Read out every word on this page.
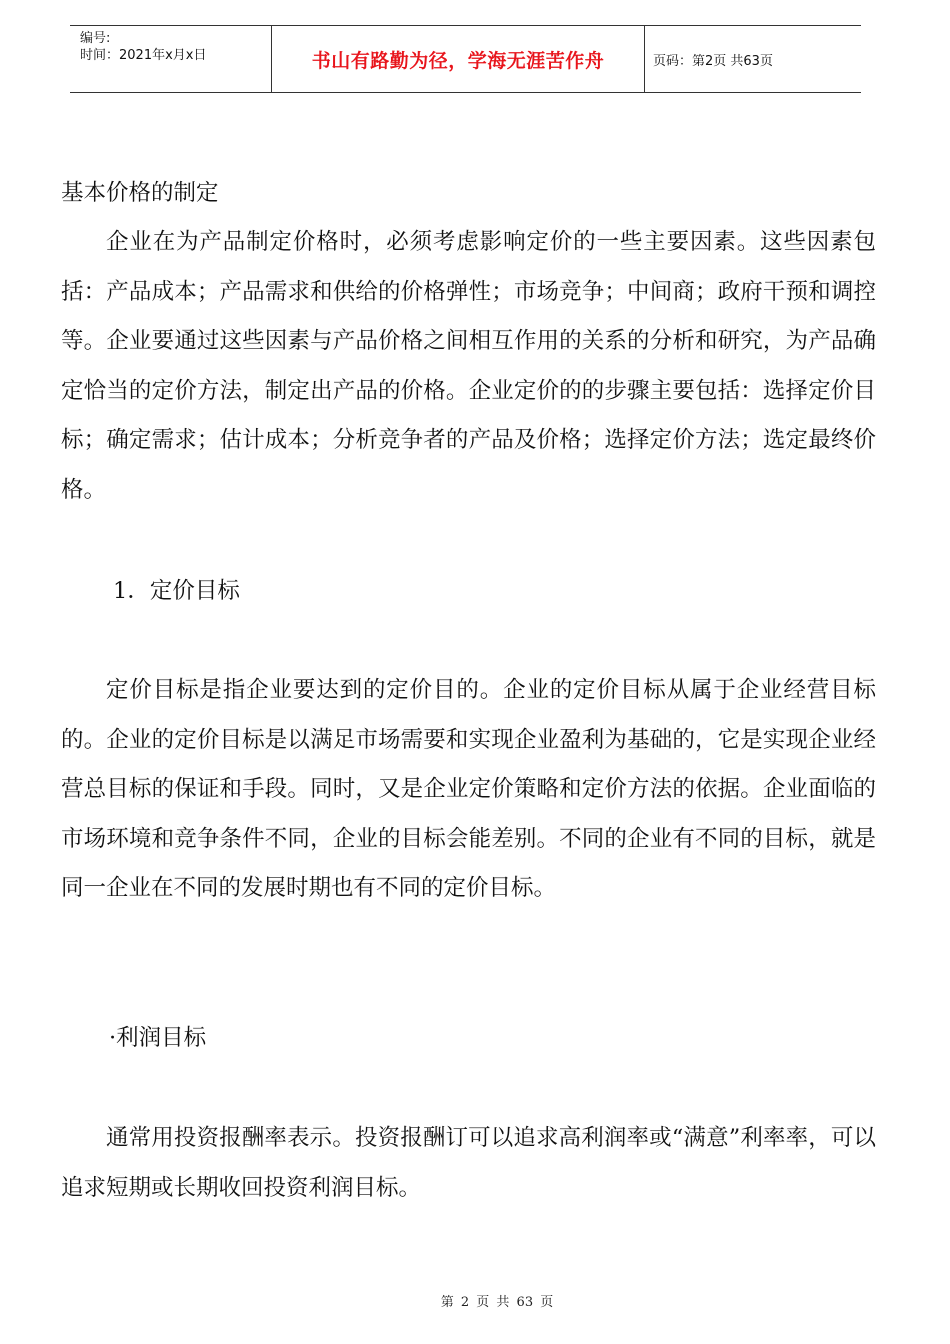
编号:
时间：2021年x月x日	书山有路勤为径，学海无涯苦作舟	页码：第2页 共63页
基本价格的制定

企业在为产品制定价格时，必须考虑影响定价的一些主要因素。这些因素包括：产品成本；产品需求和供给的价格弹性；市场竞争；中间商；政府干预和调控等。企业要通过这些因素与产品价格之间相互作用的关系的分析和研究，为产品确定恰当的定价方法，制定出产品的价格。企业定价的的步骤主要包括：选择定价目标；确定需求；估计成本；分析竞争者的产品及价格；选择定价方法；选定最终价格。

1．定价目标

定价目标是指企业要达到的定价目的。企业的定价目标从属于企业经营目标的。企业的定价目标是以满足市场需要和实现企业盈利为基础的，它是实现企业经营总目标的保证和手段。同时，又是企业定价策略和定价方法的依据。企业面临的市场环境和竞争条件不同，企业的目标会能差别。不同的企业有不同的目标，就是同一企业在不同的发展时期也有不同的定价目标。

·利润目标

通常用投资报酬率表示。投资报酬订可以追求高利润率或“满意”利率率，可以追求短期或长期收回投资利润目标。

第 2 页 共 63 页
